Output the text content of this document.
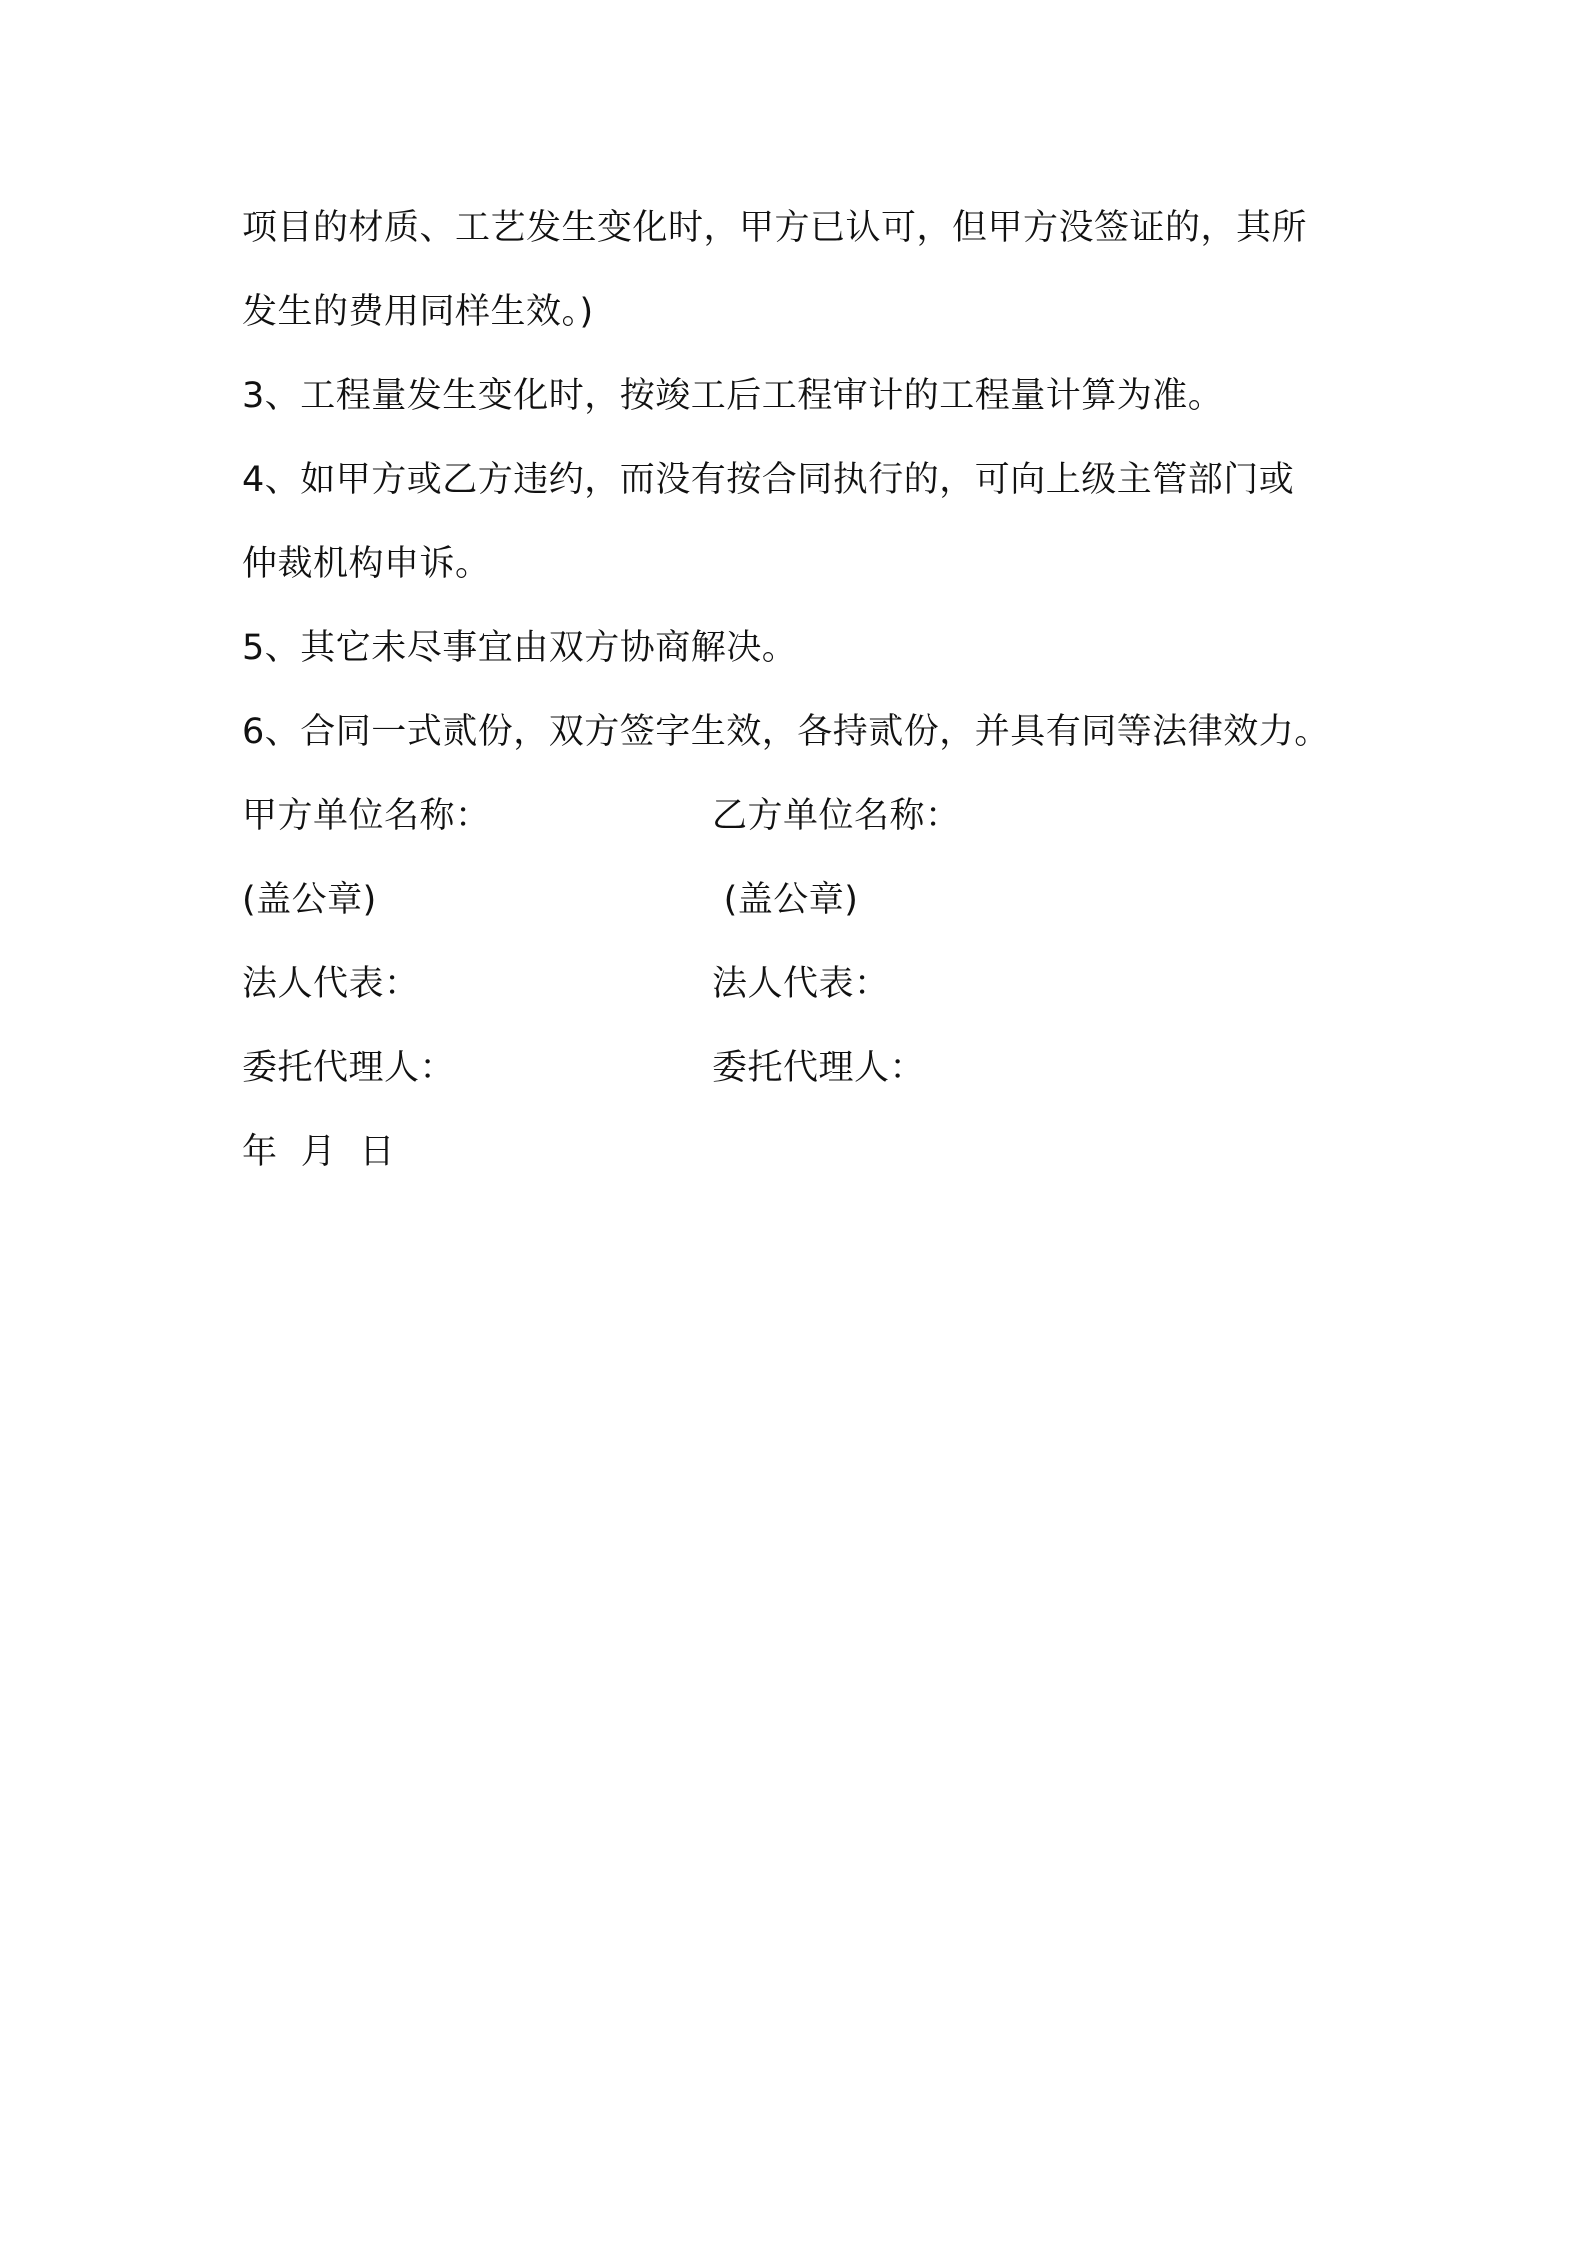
项目的材质、工艺发生变化时，甲方已认可，但甲方没签证的，其所
发生的费用同样生效。)
3、工程量发生变化时，按竣工后工程审计的工程量计算为准。
4、如甲方或乙方违约，而没有按合同执行的，可向上级主管部门或
仲裁机构申诉。
5、其它未尽事宜由双方协商解决。
6、合同一式贰份，双方签字生效，各持贰份，并具有同等法律效力。
甲方单位名称：	乙方单位名称：
(盖公章)	(盖公章)
法人代表：	法人代表：
委托代理人：	委托代理人：
年  月  日
